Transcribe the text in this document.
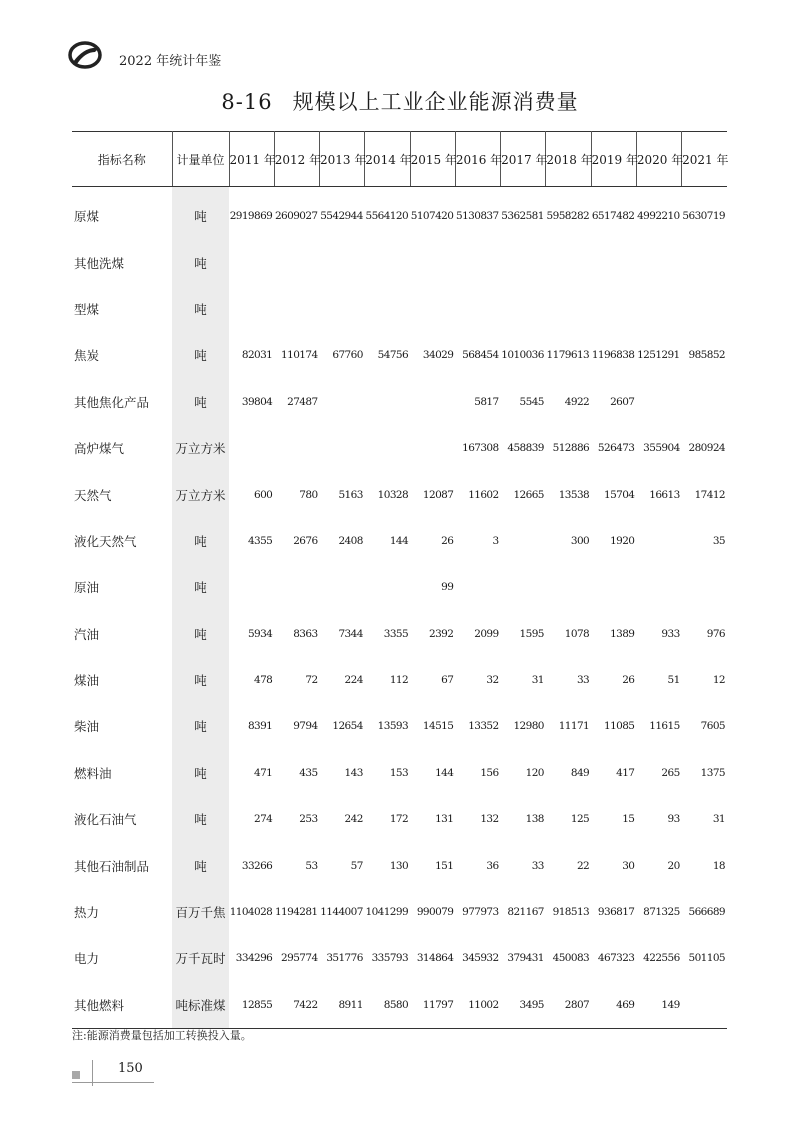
2022 年统计年鉴
8-16 规模以上工业企业能源消费量
指标名称	计量单位	2011 年	2012 年	2013 年	2014 年	2015 年	2016 年	2017 年	2018 年	2019 年	2020 年	2021 年
原煤	吨	2919869	2609027	5542944	5564120	5107420	5130837	5362581	5958282	6517482	4992210	5630719
其他洗煤	吨											
型煤	吨											
焦炭	吨	82031	110174	67760	54756	34029	568454	1010036	1179613	1196838	1251291	985852
其他焦化产品	吨	39804	27487				5817	5545	4922	2607		
高炉煤气	万立方米						167308	458839	512886	526473	355904	280924
天然气	万立方米	600	780	5163	10328	12087	11602	12665	13538	15704	16613	17412
液化天然气	吨	4355	2676	2408	144	26	3		300	1920		35
原油	吨					99						
汽油	吨	5934	8363	7344	3355	2392	2099	1595	1078	1389	933	976
煤油	吨	478	72	224	112	67	32	31	33	26	51	12
柴油	吨	8391	9794	12654	13593	14515	13352	12980	11171	11085	11615	7605
燃料油	吨	471	435	143	153	144	156	120	849	417	265	1375
液化石油气	吨	274	253	242	172	131	132	138	125	15	93	31
其他石油制品	吨	33266	53	57	130	151	36	33	22	30	20	18
热力	百万千焦	1104028	1194281	1144007	1041299	990079	977973	821167	918513	936817	871325	566689
电力	万千瓦时	334296	295774	351776	335793	314864	345932	379431	450083	467323	422556	501105
其他燃料	吨标准煤	12855	7422	8911	8580	11797	11002	3495	2807	469	149	
注:能源消费量包括加工转换投入量。
150
